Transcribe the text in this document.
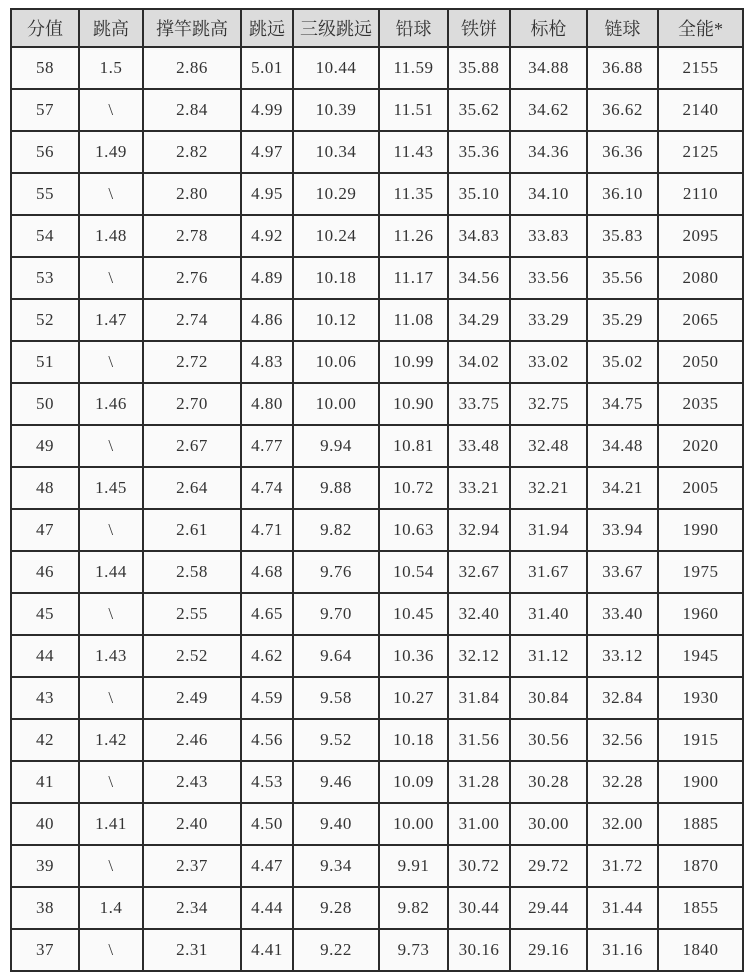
分值	跳高	撑竿跳高	跳远	三级跳远	铅球	铁饼	标枪	链球	全能*
58	1.5	2.86	5.01	10.44	11.59	35.88	34.88	36.88	2155
57	\	2.84	4.99	10.39	11.51	35.62	34.62	36.62	2140
56	1.49	2.82	4.97	10.34	11.43	35.36	34.36	36.36	2125
55	\	2.80	4.95	10.29	11.35	35.10	34.10	36.10	2110
54	1.48	2.78	4.92	10.24	11.26	34.83	33.83	35.83	2095
53	\	2.76	4.89	10.18	11.17	34.56	33.56	35.56	2080
52	1.47	2.74	4.86	10.12	11.08	34.29	33.29	35.29	2065
51	\	2.72	4.83	10.06	10.99	34.02	33.02	35.02	2050
50	1.46	2.70	4.80	10.00	10.90	33.75	32.75	34.75	2035
49	\	2.67	4.77	9.94	10.81	33.48	32.48	34.48	2020
48	1.45	2.64	4.74	9.88	10.72	33.21	32.21	34.21	2005
47	\	2.61	4.71	9.82	10.63	32.94	31.94	33.94	1990
46	1.44	2.58	4.68	9.76	10.54	32.67	31.67	33.67	1975
45	\	2.55	4.65	9.70	10.45	32.40	31.40	33.40	1960
44	1.43	2.52	4.62	9.64	10.36	32.12	31.12	33.12	1945
43	\	2.49	4.59	9.58	10.27	31.84	30.84	32.84	1930
42	1.42	2.46	4.56	9.52	10.18	31.56	30.56	32.56	1915
41	\	2.43	4.53	9.46	10.09	31.28	30.28	32.28	1900
40	1.41	2.40	4.50	9.40	10.00	31.00	30.00	32.00	1885
39	\	2.37	4.47	9.34	9.91	30.72	29.72	31.72	1870
38	1.4	2.34	4.44	9.28	9.82	30.44	29.44	31.44	1855
37	\	2.31	4.41	9.22	9.73	30.16	29.16	31.16	1840
